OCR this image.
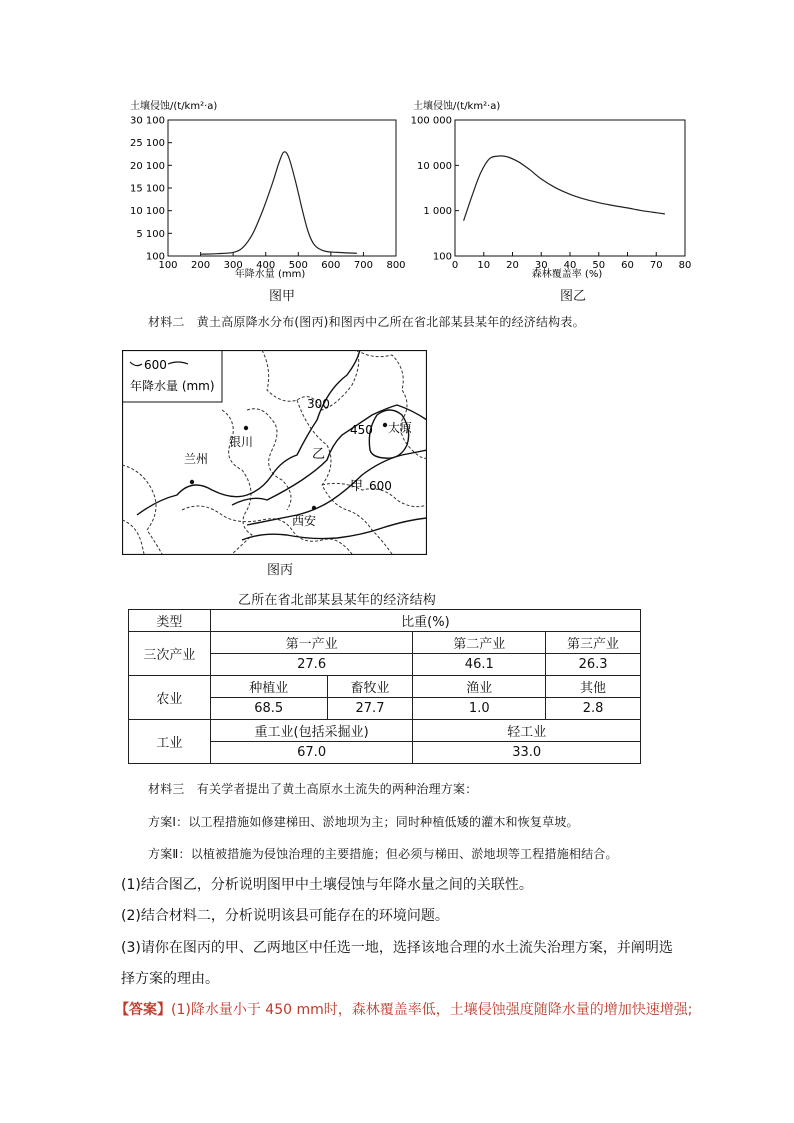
100
5 100
10 100
15 100
20 100
25 100
30 100
100 200 300 400 500 600 700 800
土壤侵蚀/(t/km²·a)
年降水量 (mm)
图甲
100
1 000
10 000
100 000
0 10 20 30 40 50 60 70 80
土壤侵蚀/(t/km²·a)
森林覆盖率 (%)
图乙
材料二　黄土高原降水分布(图丙)和图丙中乙所在省北部某县某年的经济结构表。
600
年降水量 (mm)
兰州
银川
太原
西安
300
450
600
乙
甲
图丙
乙所在省北部某县某年的经济结构
类型	比重(%)			
三次产业	第一产业		第二产业	第三产业
	27.6		46.1	26.3
农业	种植业	畜牧业	渔业	其他
	68.5	27.7	1.0	2.8
工业	重工业(包括采掘业)		轻工业	
	67.0		33.0	
材料三　有关学者提出了黄土高原水土流失的两种治理方案：
方案Ⅰ：以工程措施如修建梯田、淤地坝为主；同时种植低矮的灌木和恢复草坡。
方案Ⅱ：以植被措施为侵蚀治理的主要措施；但必须与梯田、淤地坝等工程措施相结合。
(1)结合图乙，分析说明图甲中土壤侵蚀与年降水量之间的关联性。
(2)结合材料二，分析说明该县可能存在的环境问题。
(3)请你在图丙的甲、乙两地区中任选一地，选择该地合理的水土流失治理方案，并阐明选
择方案的理由。
【答案】(1)降水量小于 450 mm时，森林覆盖率低，土壤侵蚀强度随降水量的增加快速增强;
